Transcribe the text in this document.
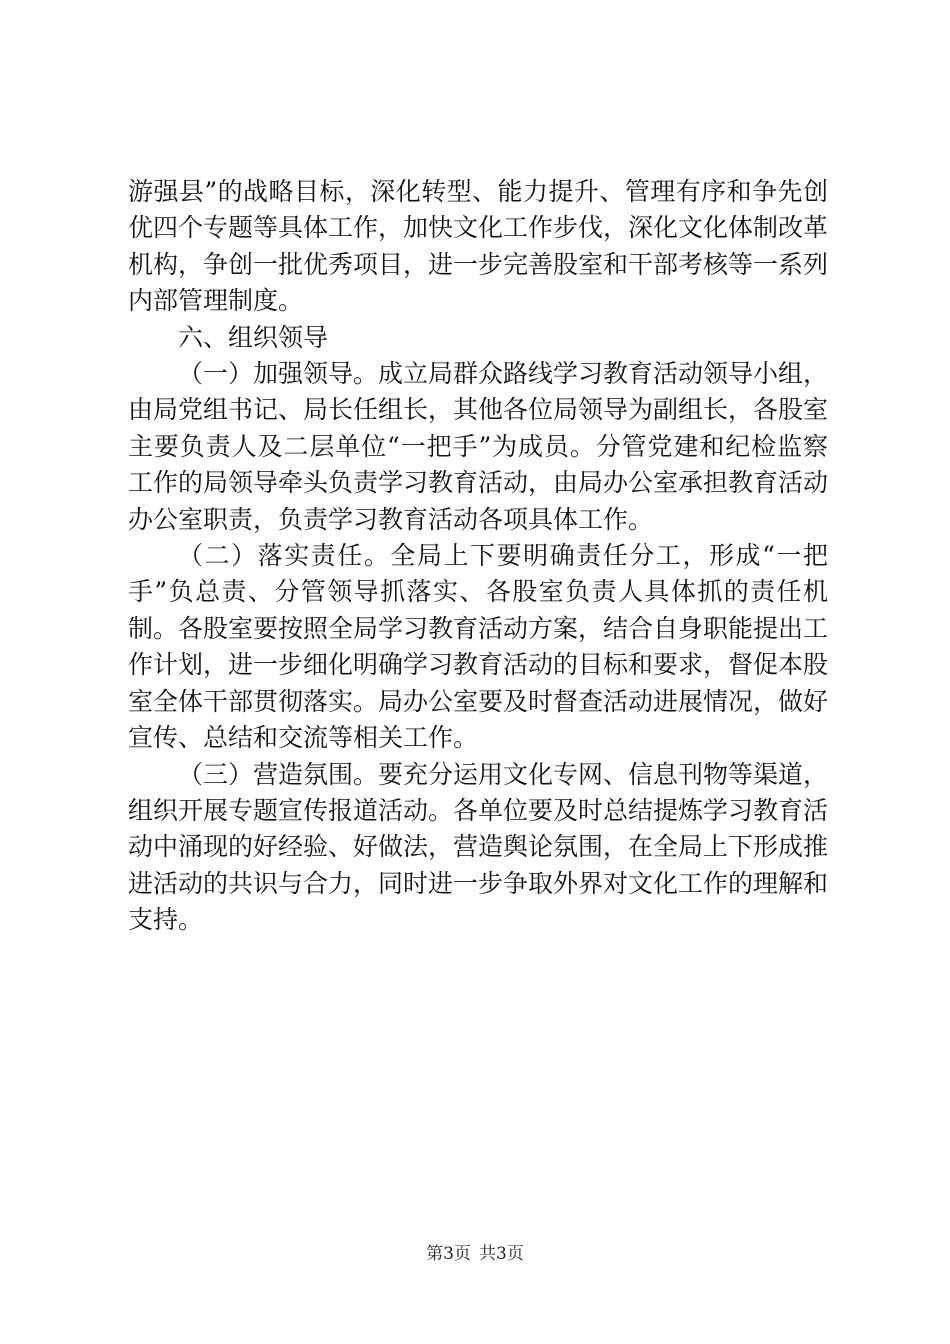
游强县”的战略目标，深化转型、能力提升、管理有序和争先创优四个专题等具体工作，加快文化工作步伐，深化文化体制改革机构，争创一批优秀项目，进一步完善股室和干部考核等一系列内部管理制度。

六、组织领导

（一）加强领导。成立局群众路线学习教育活动领导小组，由局党组书记、局长任组长，其他各位局领导为副组长，各股室主要负责人及二层单位“一把手”为成员。分管党建和纪检监察工作的局领导牵头负责学习教育活动，由局办公室承担教育活动办公室职责，负责学习教育活动各项具体工作。

（二）落实责任。全局上下要明确责任分工，形成“一把手”负总责、分管领导抓落实、各股室负责人具体抓的责任机制。各股室要按照全局学习教育活动方案，结合自身职能提出工作计划，进一步细化明确学习教育活动的目标和要求，督促本股室全体干部贯彻落实。局办公室要及时督查活动进展情况，做好宣传、总结和交流等相关工作。

（三）营造氛围。要充分运用文化专网、信息刊物等渠道，组织开展专题宣传报道活动。各单位要及时总结提炼学习教育活动中涌现的好经验、好做法，营造舆论氛围，在全局上下形成推进活动的共识与合力，同时进一步争取外界对文化工作的理解和支持。

第3页 共3页
